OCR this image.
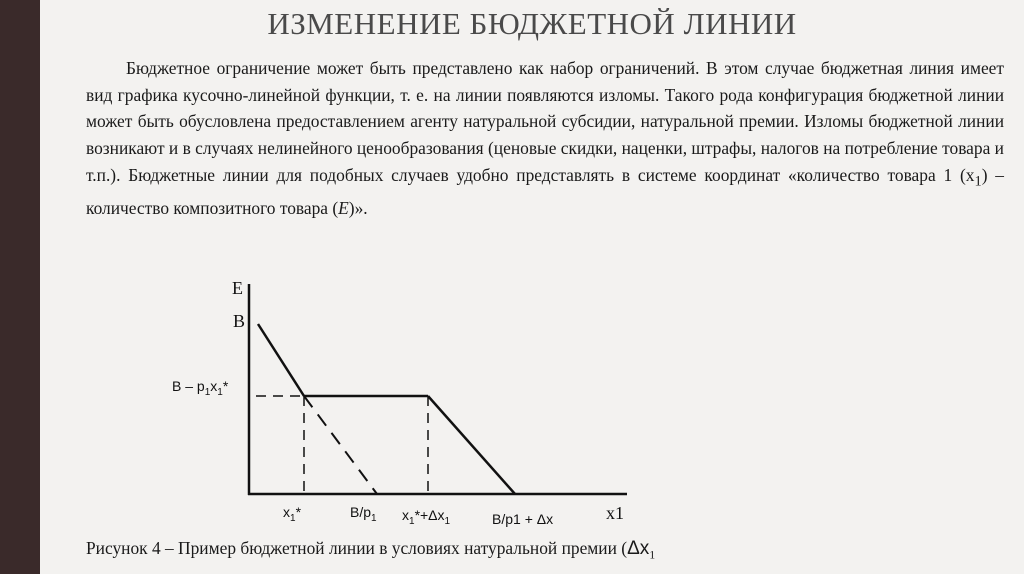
ИЗМЕНЕНИЕ БЮДЖЕТНОЙ ЛИНИИ
Бюджетное ограничение может быть представлено как набор ограничений. В этом случае бюджетная линия имеет вид графика кусочно-линейной функции, т. е. на линии появляются изломы. Такого рода конфигурация бюджетной линии может быть обусловлена предоставлением агенту натуральной субсидии, натуральной премии. Изломы бюджетной линии возникают и в случаях нелинейного ценообразования (ценовые скидки, наценки, штрафы, налогов на потребление товара и т.п.). Бюджетные линии для подобных случаев удобно представлять в системе координат «количество товара 1 $(x_1)$ – количество композитного товара (E)».
E
x1
B
B – $p_1x_1*$
$x_1*$	$B/p_1$ $x_1*+\Delta x_1$	B/p1 + Δx
Рисунок 4 – Пример бюджетной линии в условиях натуральной премии ($\Delta x_1$
